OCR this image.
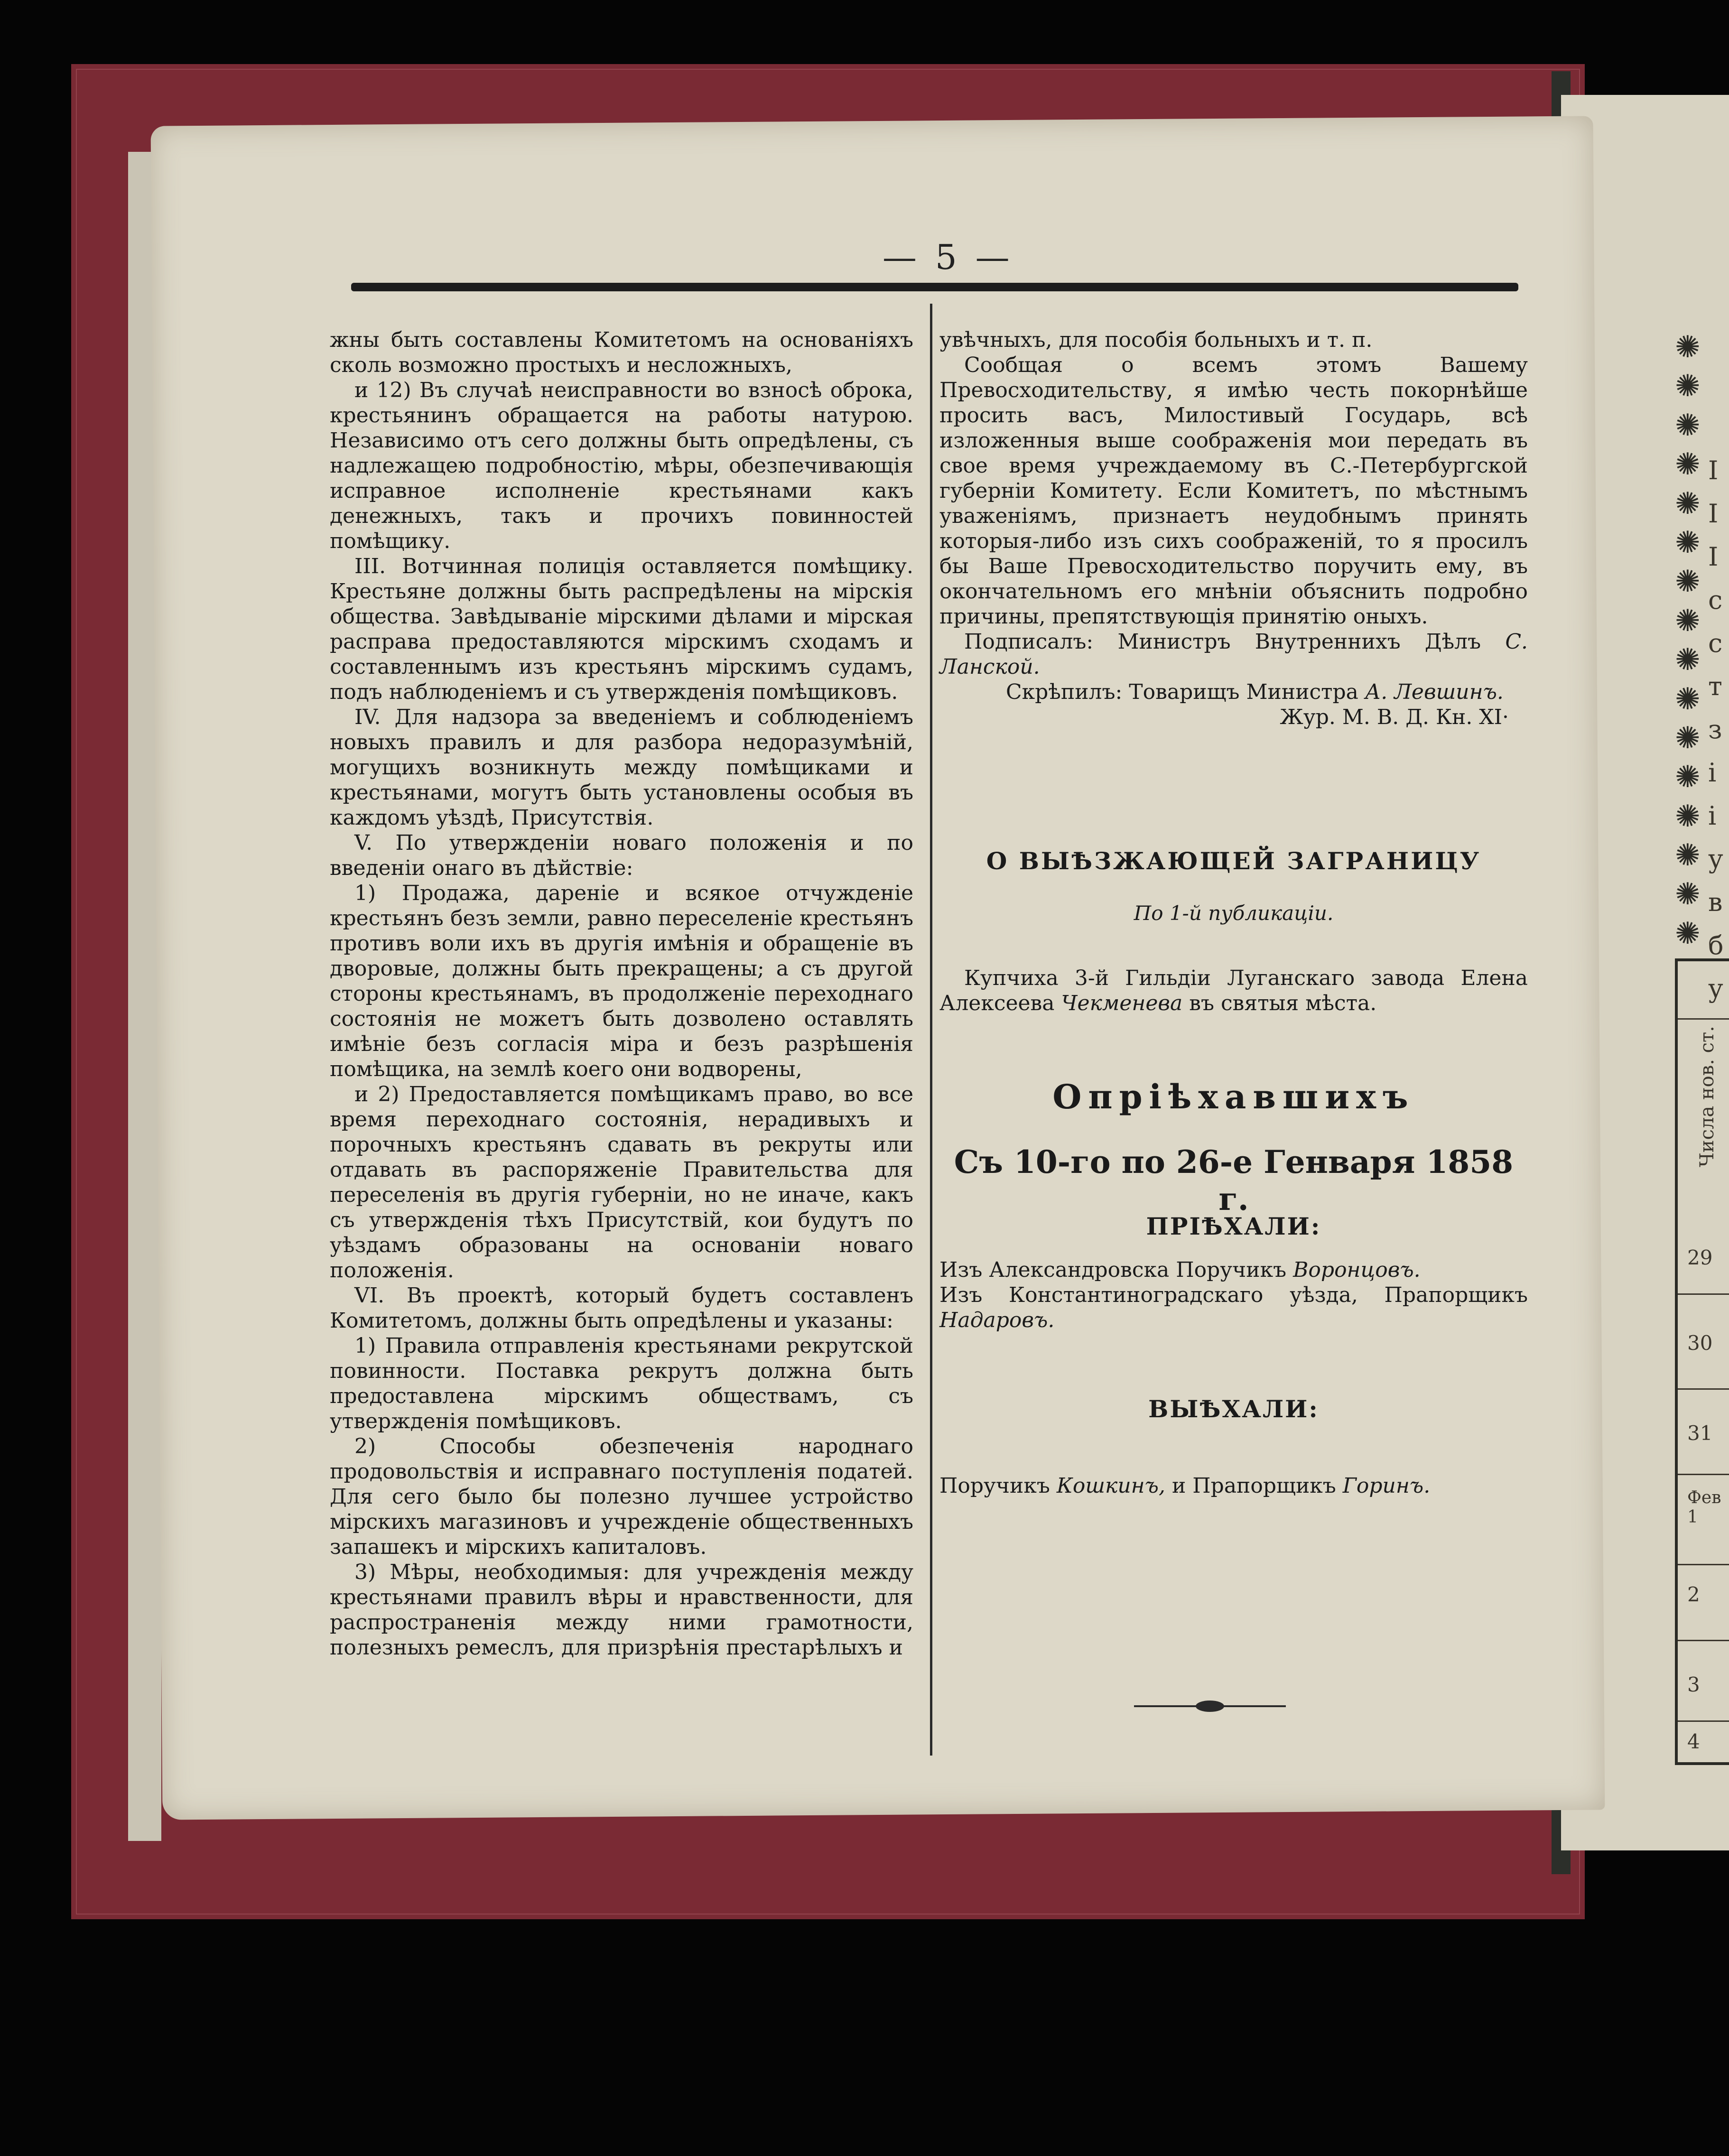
✺
✺
✺
✺
✺
✺
✺
✺
✺
✺
✺
✺
✺
✺
✺
✺
I
I
I
с
с
т
з
і
і
у
в
б
у
29
30
31
Фев 1
2
3
4
Числа нов. ст.
— 5 —

жны быть составлены Комитетомъ на основаніяхъ сколь возможно простыхъ и несложныхъ,

и 12) Въ случаѣ неисправности во взносѣ оброка, крестьянинъ обращается на работы натурою. Независимо отъ сего должны быть опредѣлены, съ надлежащею подробностію, мѣры, обезпечивающія исправное исполненіе крестьянами какъ денежныхъ, такъ и прочихъ повинностей помѣщику.

III. Вотчинная полиція оставляется помѣщику. Крестьяне должны быть распредѣлены на мірскія общества. Завѣдываніе мірскими дѣлами и мірская расправа предоставляются мірскимъ сходамъ и составленнымъ изъ крестьянъ мірскимъ судамъ, подъ наблюденіемъ и съ утвержденія помѣщиковъ.

IV. Для надзора за введеніемъ и соблюденіемъ новыхъ правилъ и для разбора недоразумѣній, могущихъ возникнуть между помѣщиками и крестьянами, могутъ быть установлены особыя въ каждомъ уѣздѣ, Присутствія.

V. По утвержденіи новаго положенія и по введеніи онаго въ дѣйствіе:

1) Продажа, дареніе и всякое отчужденіе крестьянъ безъ земли, равно переселеніе крестьянъ противъ воли ихъ въ другія имѣнія и обращеніе въ дворовые, должны быть прекращены; а съ другой стороны крестьянамъ, въ продолженіе переходнаго состоянія не можетъ быть дозволено оставлять имѣніе безъ согласія міра и безъ разрѣшенія помѣщика, на землѣ коего они водворены,

и 2) Предоставляется помѣщикамъ право, во все время переходнаго состоянія, нерадивыхъ и порочныхъ крестьянъ сдавать въ рекруты или отдавать въ распоряженіе Правительства для переселенія въ другія губерніи, но не иначе, какъ съ утвержденія тѣхъ Присутствій, кои будутъ по уѣздамъ образованы на основаніи новаго положенія.

VI. Въ проектѣ, который будетъ составленъ Комитетомъ, должны быть опредѣлены и указаны:

1) Правила отправленія крестьянами рекрутской повинности. Поставка рекрутъ должна быть предоставлена мірскимъ обществамъ, съ утвержденія помѣщиковъ.

2) Способы обезпеченія народнаго продовольствія и исправнаго поступленія податей. Для сего было бы полезно лучшее устройство мірскихъ магазиновъ и учрежденіе общественныхъ запашекъ и мірскихъ капиталовъ.

3) Мѣры, необходимыя: для учрежденія между крестьянами правилъ вѣры и нравственности, для распространенія между ними грамотности, полезныхъ ремеслъ, для призрѣнія престарѣлыхъ и

увѣчныхъ, для пособія больныхъ и т. п.

Сообщая о всемъ этомъ Вашему Превосходительству, я имѣю честь покорнѣйше просить васъ, Милостивый Государь, всѣ изложенныя выше соображенія мои передать въ свое время учреждаемому въ С.-Петербургской губерніи Комитету. Если Комитетъ, по мѣстнымъ уваженіямъ, признаетъ неудобнымъ принять которыя-либо изъ сихъ соображеній, то я просилъ бы Ваше Превосходительство поручить ему, въ окончательномъ его мнѣніи объяснить подробно причины, препятствующія принятію оныхъ.

Подписалъ: Министръ Внутреннихъ Дѣлъ С. Ланской.

Скрѣпилъ: Товарищъ Министра А. Левшинъ.

Жур. М. В. Д. Кн. XI·

О ВЫѢЗЖАЮЩЕЙ ЗАГРАНИЦУ
По 1-й публикаціи.

Купчиха 3-й Гильдіи Луганскаго завода Елена Алексеева Чекменева въ святыя мѣста.

Опріѣхавшихъ
Съ 10-го по 26-е Генваря 1858 г.
ПРІѢХАЛИ:

Изъ Александровска Поручикъ Воронцовъ.

Изъ Константиноградскаго уѣзда, Прапорщикъ Надаровъ.

ВЫѢХАЛИ:

Поручикъ Кошкинъ, и Прапорщикъ Горинъ.
